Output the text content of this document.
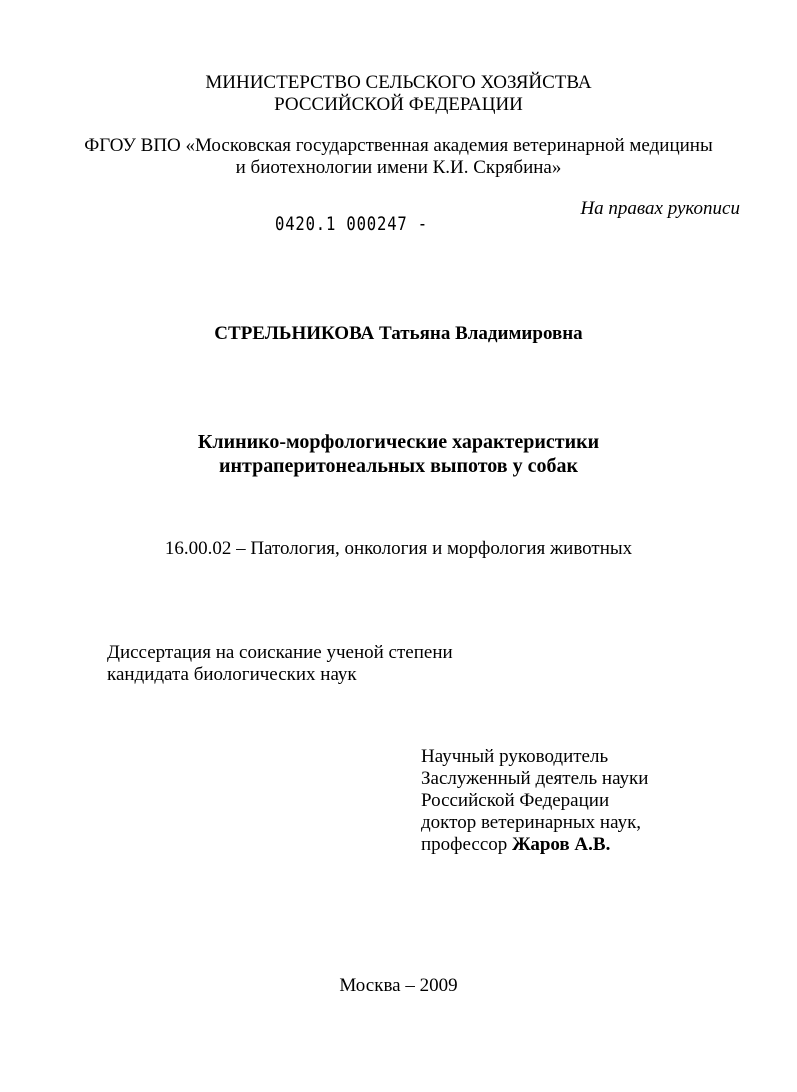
МИНИСТЕРСТВО СЕЛЬСКОГО ХОЗЯЙСТВА
РОССИЙСКОЙ ФЕДЕРАЦИИ
ФГОУ ВПО «Московская государственная академия ветеринарной медицины
и биотехнологии имени К.И. Скрябина»
На правах рукописи
0420.1 000247 -
СТРЕЛЬНИКОВА Татьяна Владимировна
Клинико-морфологические характеристики
интраперитонеальных выпотов у собак
16.00.02 – Патология, онкология и морфология животных
Диссертация на соискание ученой степени
кандидата биологических наук
Научный руководитель
Заслуженный деятель науки
Российской Федерации
доктор ветеринарных наук,
профессор Жаров А.В.
Москва – 2009
